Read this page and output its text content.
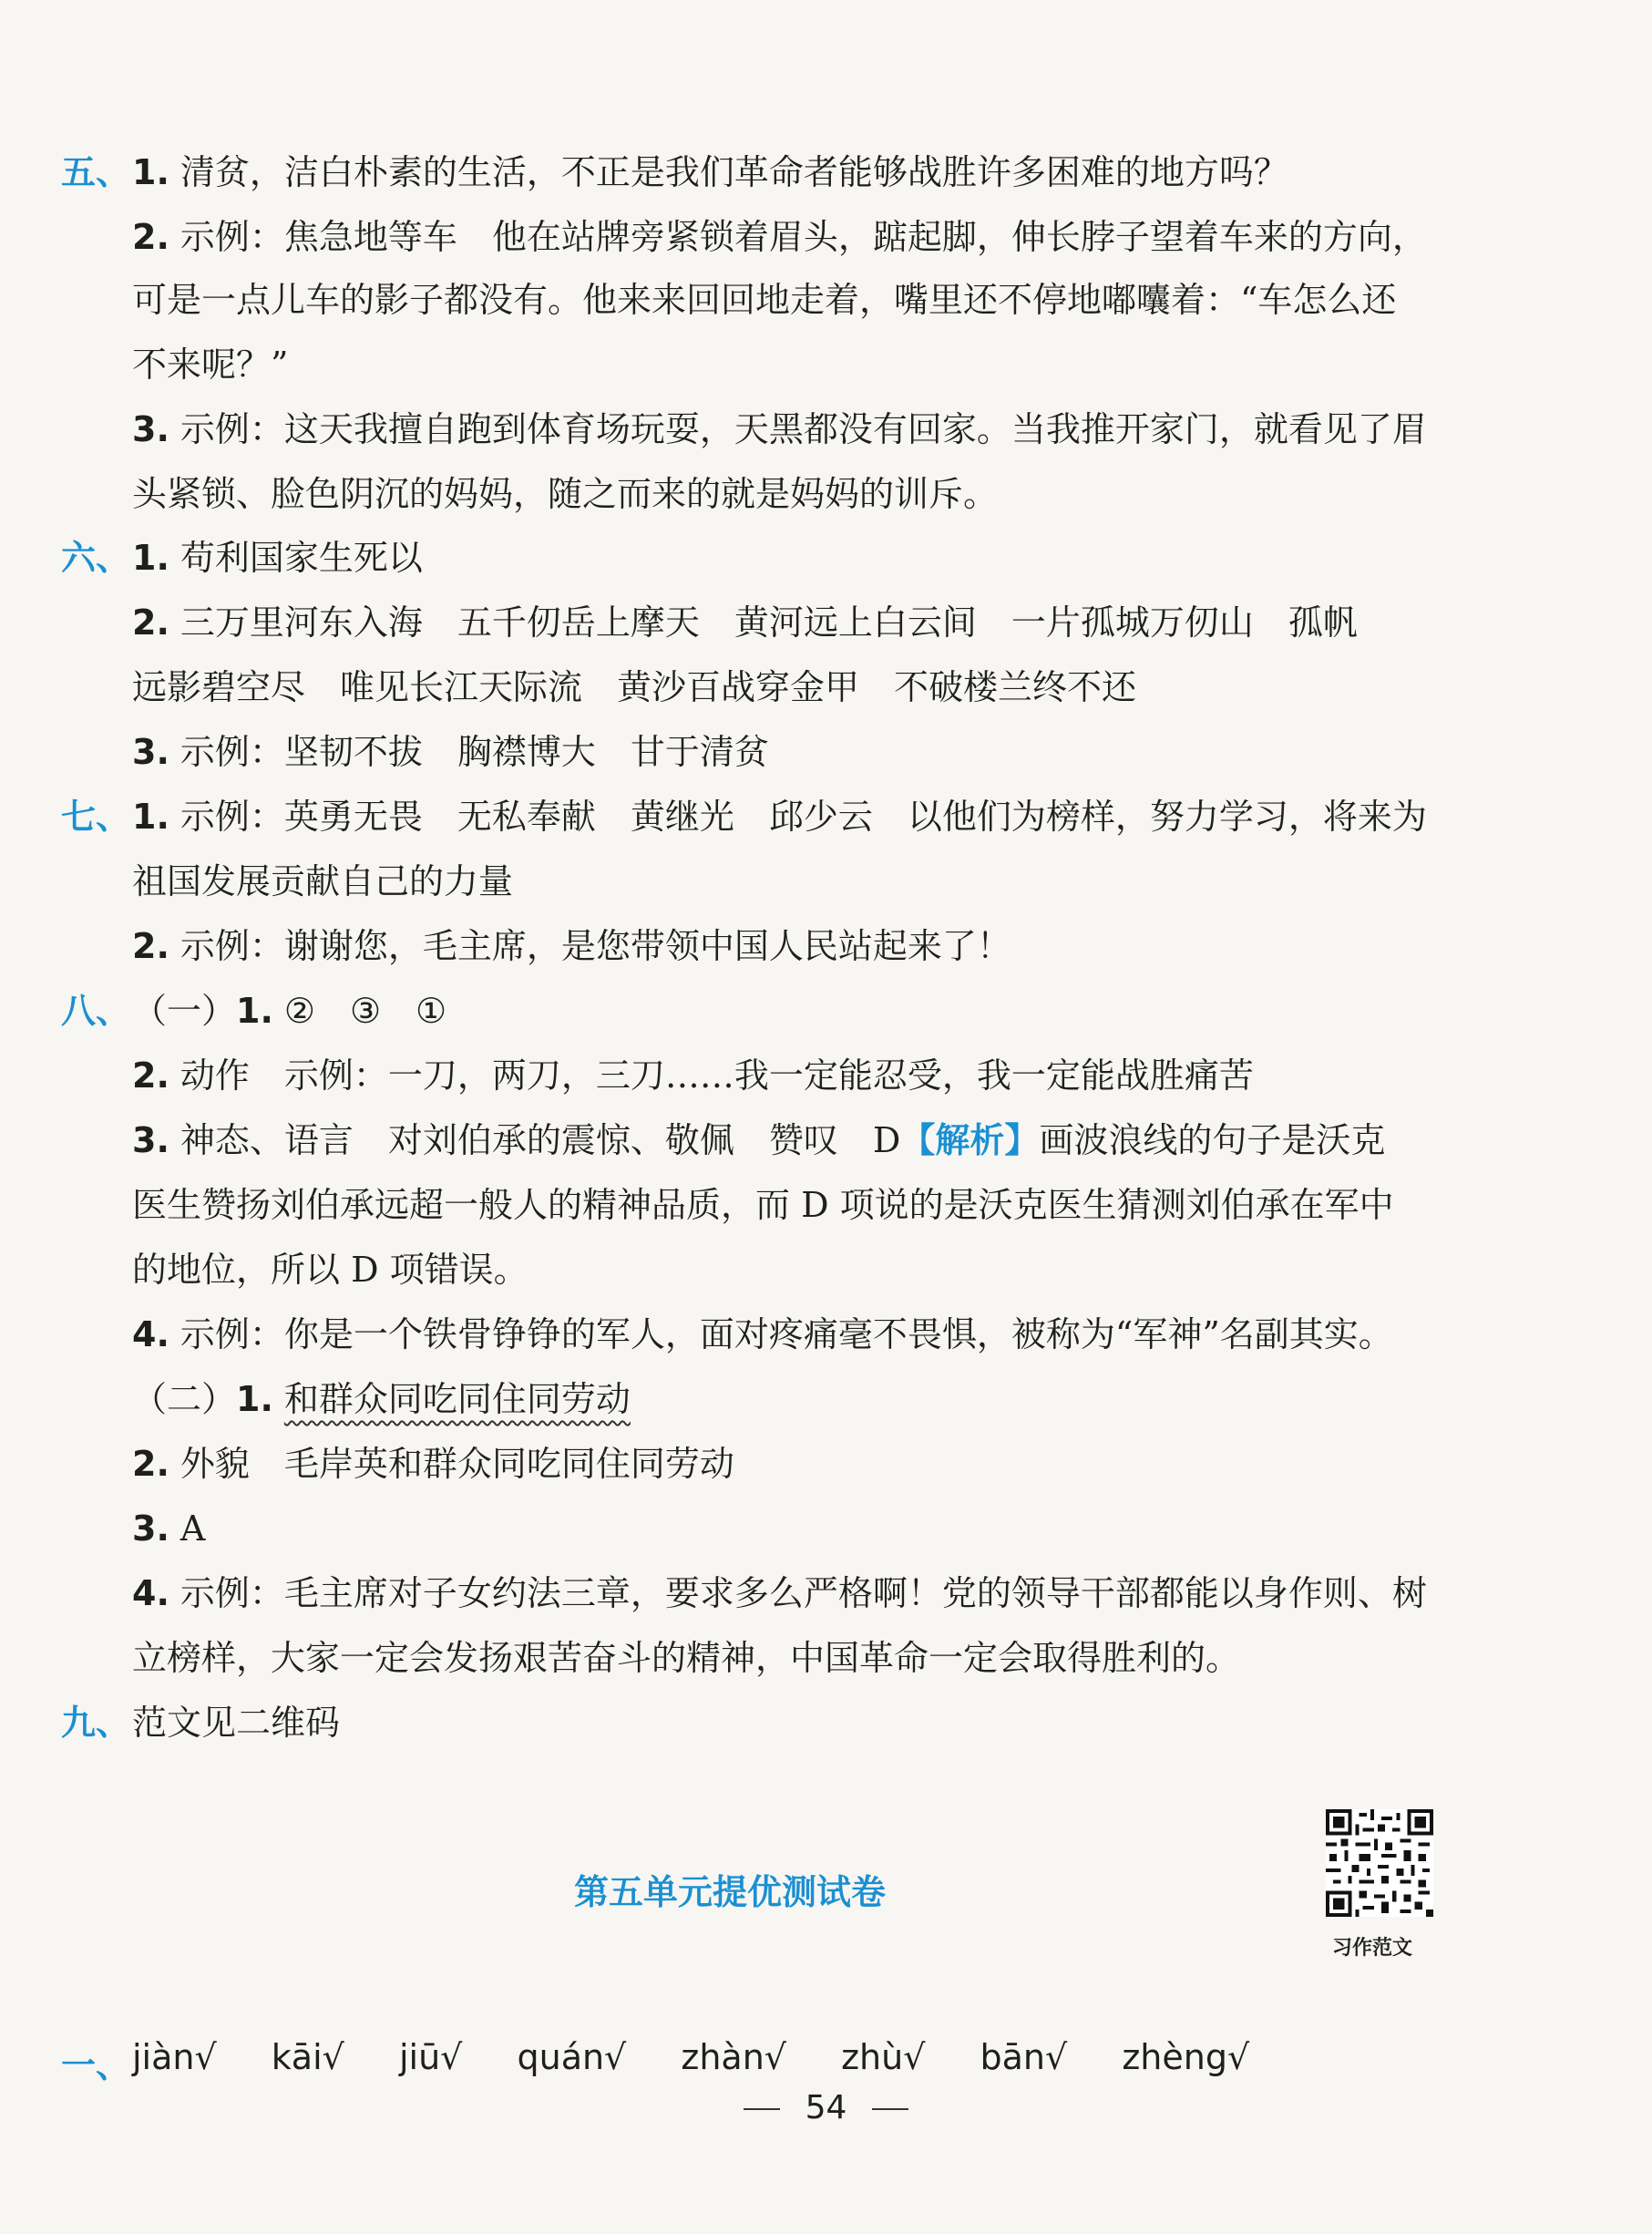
五、 1. 清贫，洁白朴素的生活，不正是我们革命者能够战胜许多困难的地方吗？
2. 示例：焦急地等车　他在站牌旁紧锁着眉头，踮起脚，伸长脖子望着车来的方向，
可是一点儿车的影子都没有。他来来回回地走着，嘴里还不停地嘟囔着：“车怎么还
不来呢？”
3. 示例：这天我擅自跑到体育场玩耍，天黑都没有回家。当我推开家门，就看见了眉
头紧锁、脸色阴沉的妈妈，随之而来的就是妈妈的训斥。
六、 1. 苟利国家生死以
2. 三万里河东入海　五千仞岳上摩天　黄河远上白云间　一片孤城万仞山　孤帆
远影碧空尽　唯见长江天际流　黄沙百战穿金甲　不破楼兰终不还
3. 示例：坚韧不拔　胸襟博大　甘于清贫
七、 1. 示例：英勇无畏　无私奉献　黄继光　邱少云　以他们为榜样，努力学习，将来为
祖国发展贡献自己的力量
2. 示例：谢谢您，毛主席，是您带领中国人民站起来了！
八、 （一）1. ②　③　①
2. 动作　示例：一刀，两刀，三刀……我一定能忍受，我一定能战胜痛苦
3. 神态、语言　对刘伯承的震惊、敬佩　赞叹　D【解析】画波浪线的句子是沃克
医生赞扬刘伯承远超一般人的精神品质，而 D 项说的是沃克医生猜测刘伯承在军中
的地位，所以 D 项错误。
4. 示例：你是一个铁骨铮铮的军人，面对疼痛毫不畏惧，被称为“军神”名副其实。
（二）1. 和群众同吃同住同劳动
2. 外貌　毛岸英和群众同吃同住同劳动
3. A
4. 示例：毛主席对子女约法三章，要求多么严格啊！党的领导干部都能以身作则、树
立榜样，大家一定会发扬艰苦奋斗的精神，中国革命一定会取得胜利的。
九、 范文见二维码
习作范文
第五单元提优测试卷
一、 jiàn√ kāi√ jiū√ quán√ zhàn√ zhù√ bān√ zhèng√
54
